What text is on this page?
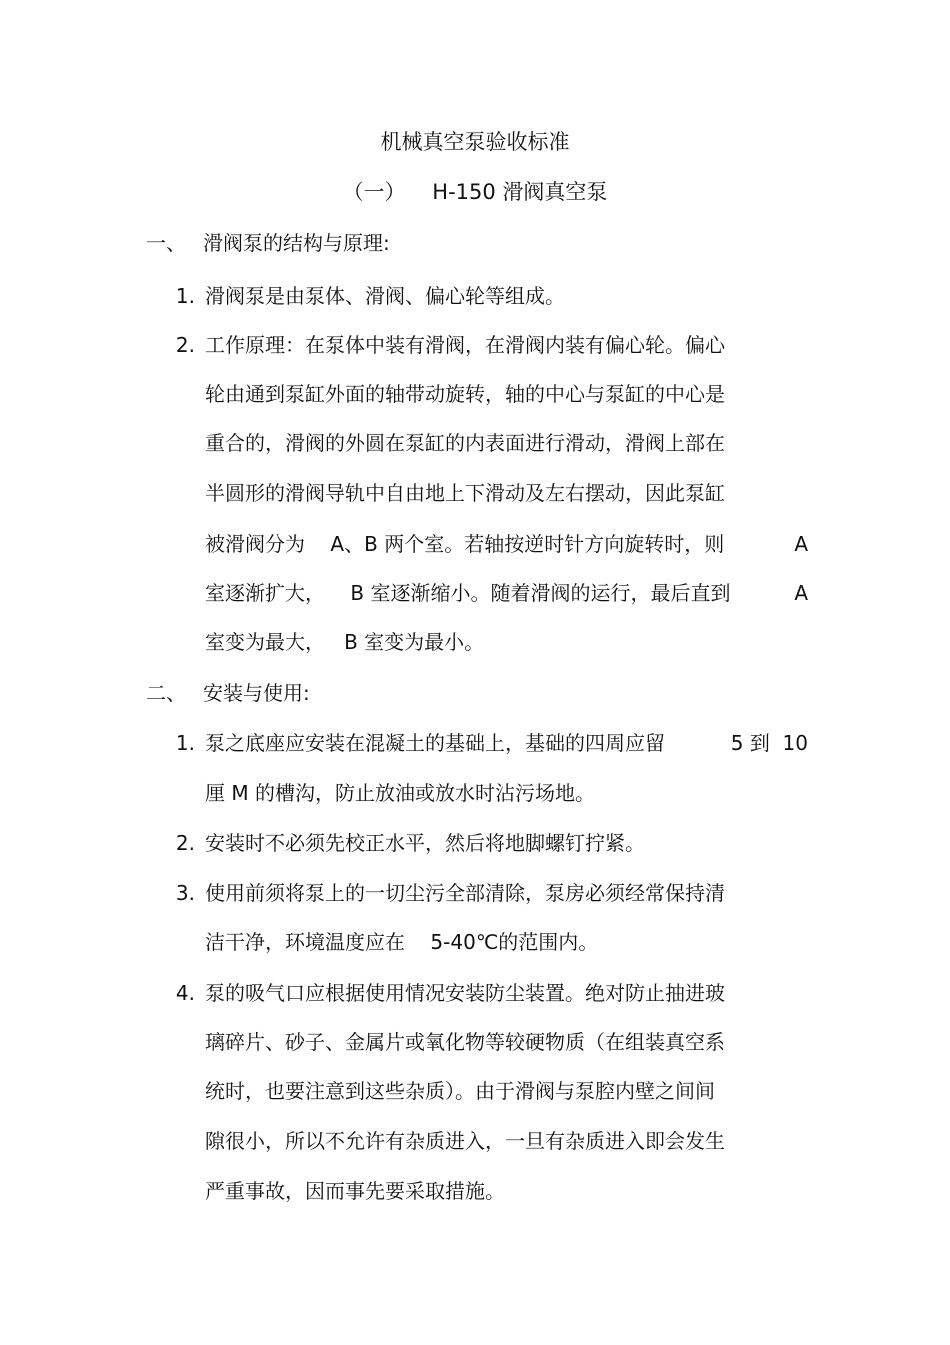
机械真空泵验收标准
（一）    H-150 滑阀真空泵
一、 滑阀泵的结构与原理:
1. 滑阀泵是由泵体、滑阀、偏心轮等组成。
2. 工作原理：在泵体中装有滑阀，在滑阀内装有偏心轮。偏心
轮由通到泵缸外面的轴带动旋转，轴的中心与泵缸的中心是
重合的，滑阀的外圆在泵缸的内表面进行滑动，滑阀上部在
半圆形的滑阀导轨中自由地上下滑动及左右摆动，因此泵缸
被滑阀分为    A、B 两个室。若轴按逆时针方向旋转时，则	A
室逐渐扩大，    B 室逐渐缩小。随着滑阀的运行，最后直到	A
室变为最大，   B 室变为最小。
二、 安装与使用:
1. 泵之底座应安装在混凝土的基础上，基础的四周应留	5 到  10
厘 M 的槽沟，防止放油或放水时沾污场地。
2. 安装时不必须先校正水平，然后将地脚螺钉拧紧。
3. 使用前须将泵上的一切尘污全部清除，泵房必须经常保持清
洁干净，环境温度应在    5-40℃的范围内。
4. 泵的吸气口应根据使用情况安装防尘装置。绝对防止抽进玻
璃碎片、砂子、金属片或氧化物等较硬物质（在组装真空系
统时，也要注意到这些杂质）。由于滑阀与泵腔内壁之间间
隙很小，所以不允许有杂质进入，一旦有杂质进入即会发生
严重事故，因而事先要采取措施。
